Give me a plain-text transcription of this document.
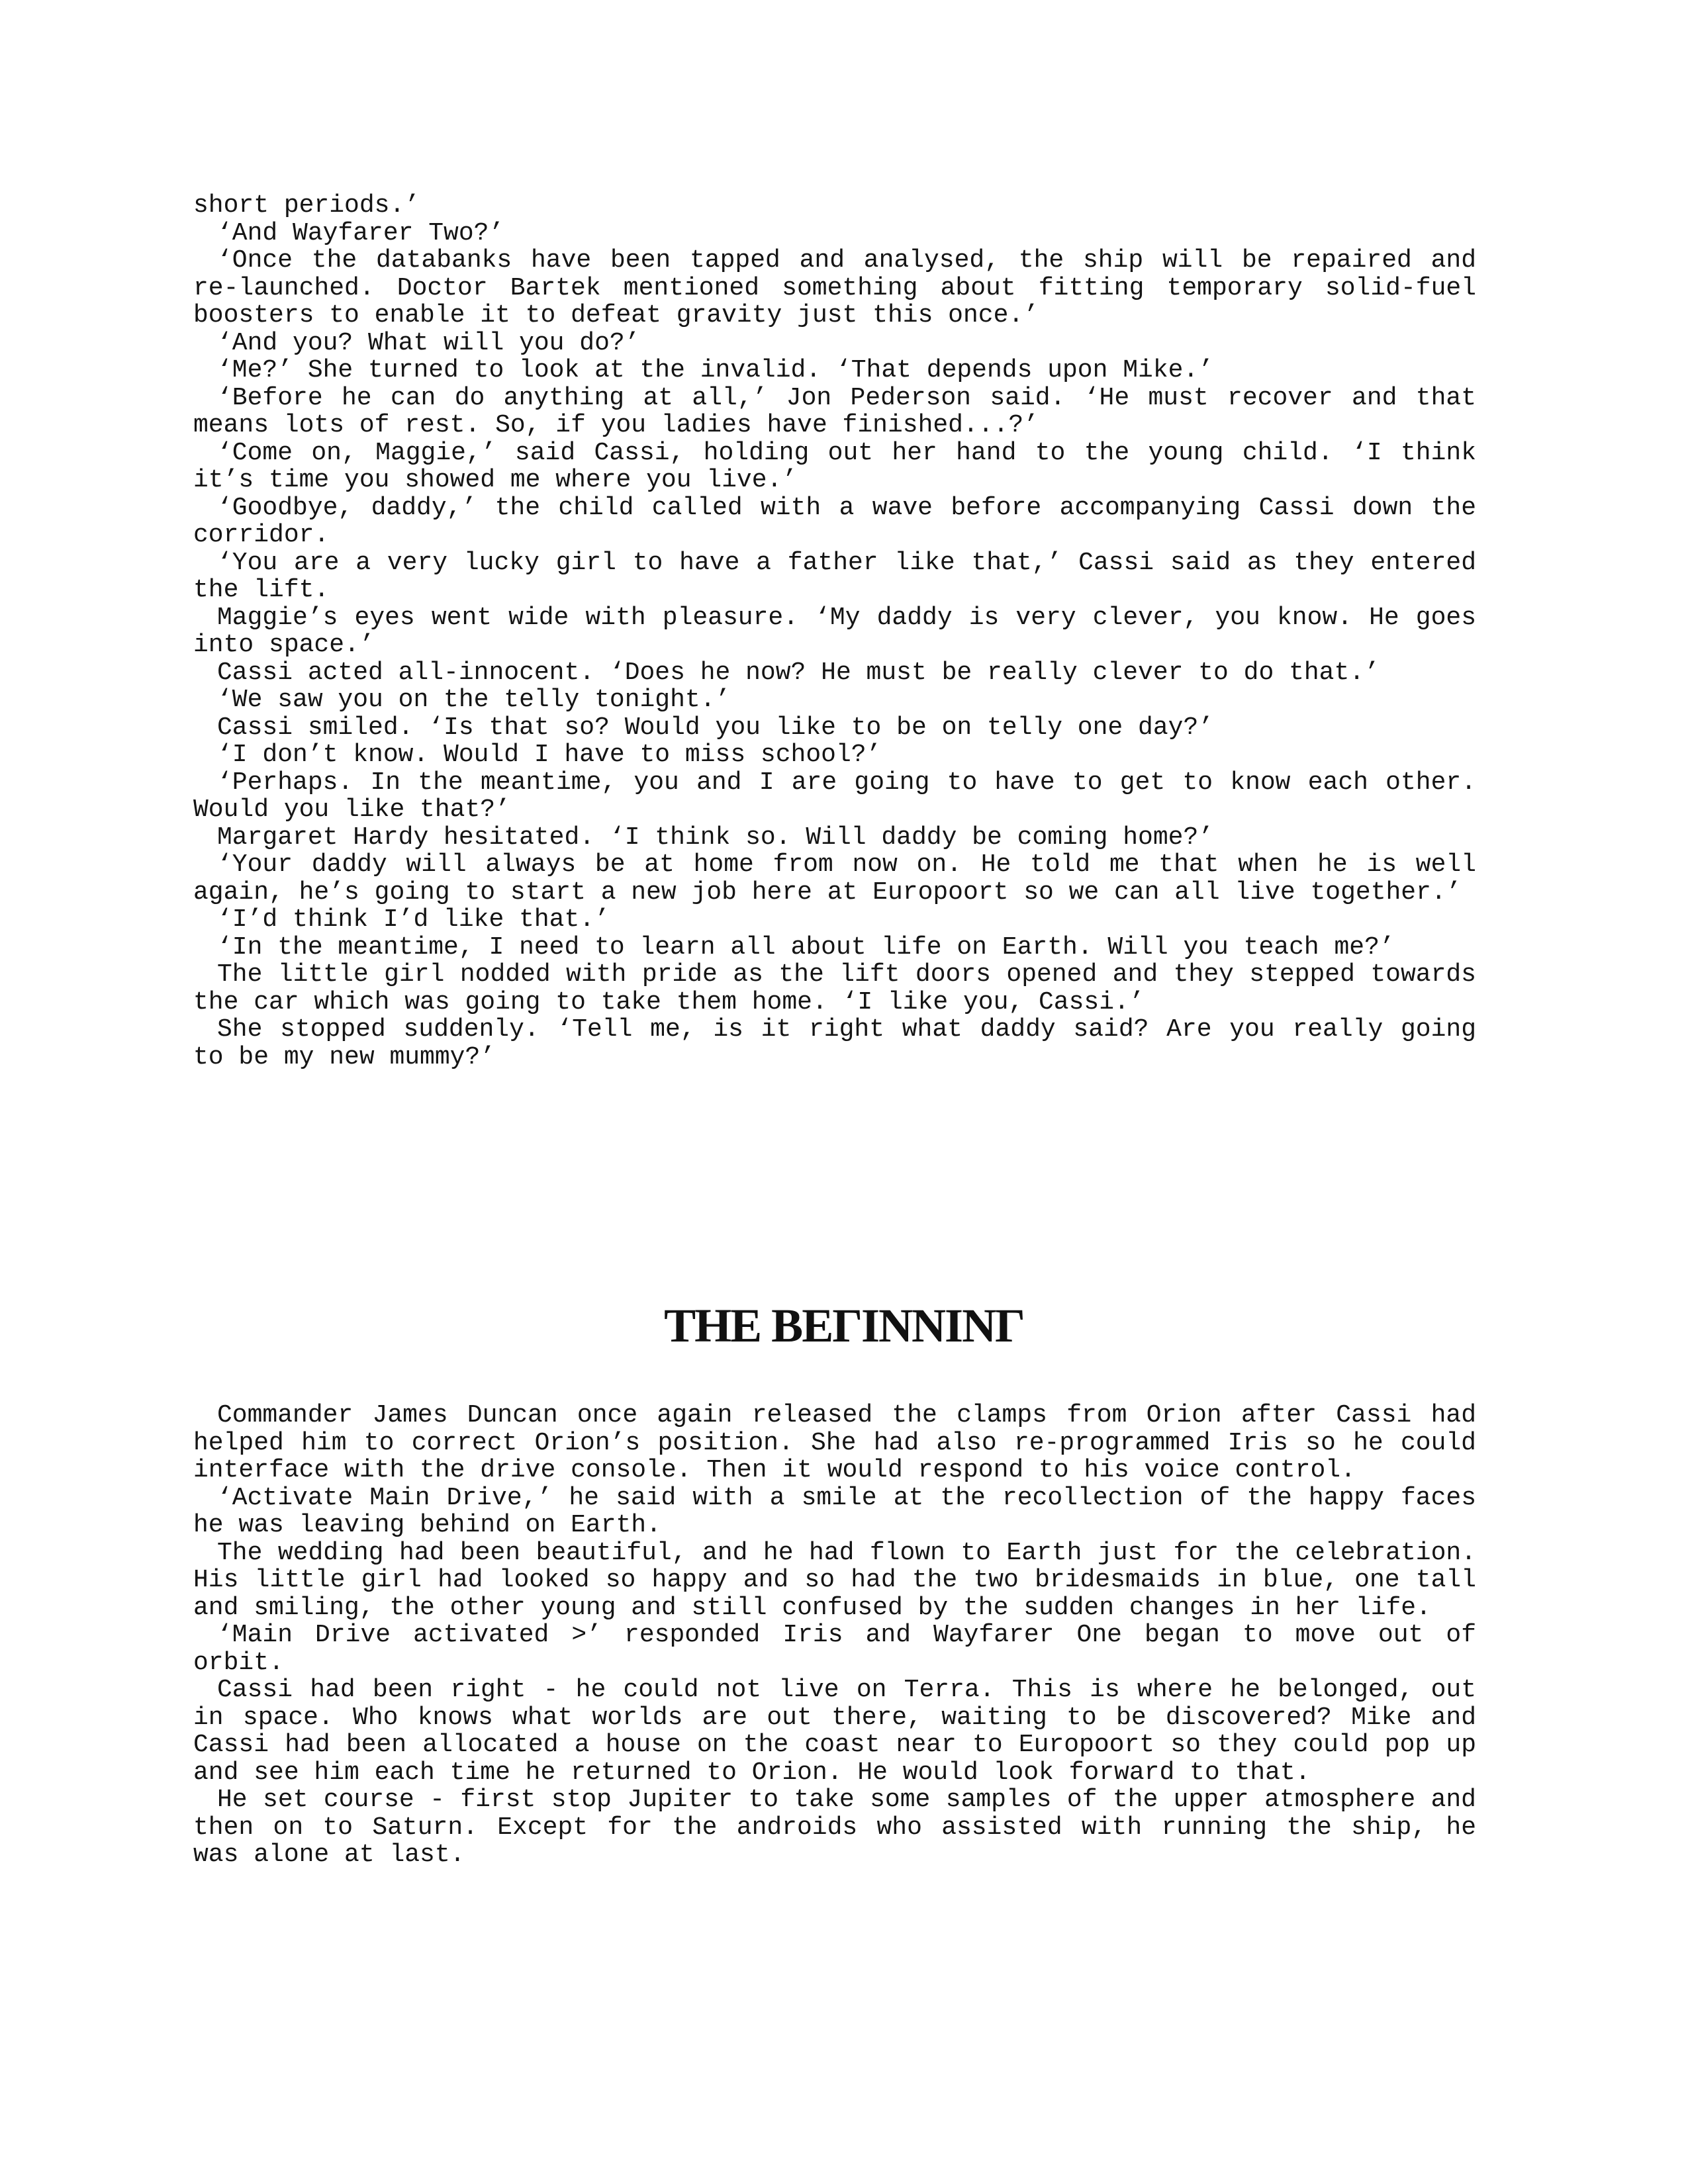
short periods.’

‘And Wayfarer Two?’

‘Once the databanks have been tapped and analysed, the ship will be repaired and re-launched. Doctor Bartek mentioned something about fitting temporary solid-fuel boosters to enable it to defeat gravity just this once.’

‘And you? What will you do?’

‘Me?’ She turned to look at the invalid. ‘That depends upon Mike.’

‘Before he can do anything at all,’ Jon Pederson said. ‘He must recover and that means lots of rest. So, if you ladies have finished...?’

‘Come on, Maggie,’ said Cassi, holding out her hand to the young child. ‘I think it’s time you showed me where you live.’

‘Goodbye, daddy,’ the child called with a wave before accompanying Cassi down the corridor.

‘You are a very lucky girl to have a father like that,’ Cassi said as they entered the lift.

Maggie’s eyes went wide with pleasure. ‘My daddy is very clever, you know. He goes into space.’

Cassi acted all-innocent. ‘Does he now? He must be really clever to do that.’

‘We saw you on the telly tonight.’

Cassi smiled. ‘Is that so? Would you like to be on telly one day?’

‘I don’t know. Would I have to miss school?’

‘Perhaps. In the meantime, you and I are going to have to get to know each other. Would you like that?’

Margaret Hardy hesitated. ‘I think so. Will daddy be coming home?’

‘Your daddy will always be at home from now on. He told me that when he is well again, he’s going to start a new job here at Europoort so we can all live together.’

‘I’d think I’d like that.’

‘In the meantime, I need to learn all about life on Earth. Will you teach me?’

The little girl nodded with pride as the lift doors opened and they stepped towards the car which was going to take them home. ‘I like you, Cassi.’

She stopped suddenly. ‘Tell me, is it right what daddy said? Are you really going to be my new mummy?’

THE BEΓINNINΓ

Commander James Duncan once again released the clamps from Orion after Cassi had helped him to correct Orion’s position. She had also re-programmed Iris so he could interface with the drive console. Then it would respond to his voice control.

‘Activate Main Drive,’ he said with a smile at the recollection of the happy faces he was leaving behind on Earth.

The wedding had been beautiful, and he had flown to Earth just for the celebration. His little girl had looked so happy and so had the two bridesmaids in blue, one tall and smiling, the other young and still confused by the sudden changes in her life.

‘Main Drive activated >’ responded Iris and Wayfarer One began to move out of orbit.

Cassi had been right - he could not live on Terra. This is where he belonged, out in space. Who knows what worlds are out there, waiting to be discovered? Mike and Cassi had been allocated a house on the coast near to Europoort so they could pop up and see him each time he returned to Orion. He would look forward to that.

He set course - first stop Jupiter to take some samples of the upper atmosphere and then on to Saturn. Except for the androids who assisted with running the ship, he was alone at last.
